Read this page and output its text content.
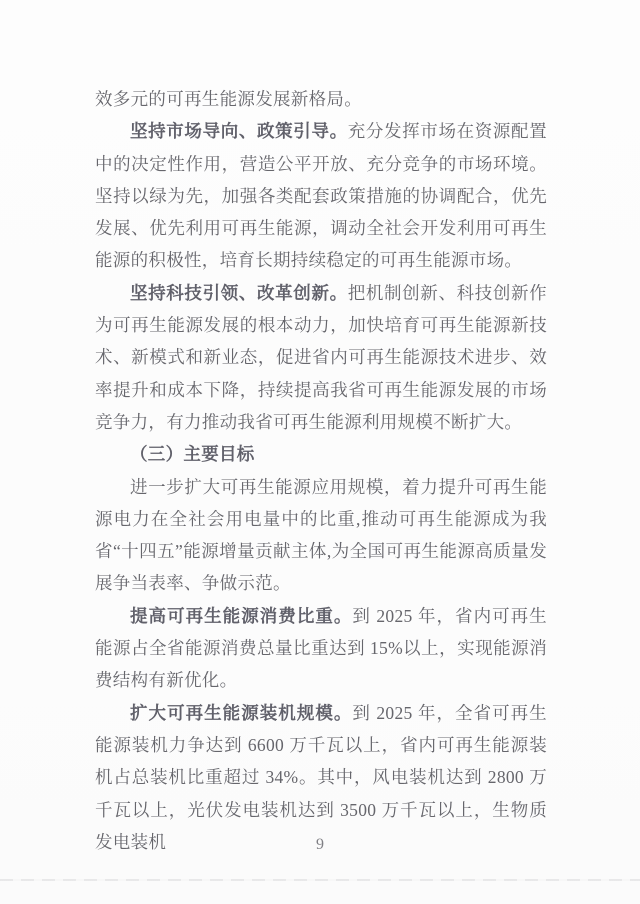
效多元的可再生能源发展新格局。

坚持市场导向、政策引导。充分发挥市场在资源配置中的决定性作用，营造公平开放、充分竞争的市场环境。坚持以绿为先，加强各类配套政策措施的协调配合，优先发展、优先利用可再生能源，调动全社会开发利用可再生能源的积极性，培育长期持续稳定的可再生能源市场。

坚持科技引领、改革创新。把机制创新、科技创新作为可再生能源发展的根本动力，加快培育可再生能源新技术、新模式和新业态，促进省内可再生能源技术进步、效率提升和成本下降，持续提高我省可再生能源发展的市场竞争力，有力推动我省可再生能源利用规模不断扩大。

（三）主要目标

进一步扩大可再生能源应用规模，着力提升可再生能源电力在全社会用电量中的比重,推动可再生能源成为我省“十四五”能源增量贡献主体,为全国可再生能源高质量发展争当表率、争做示范。

提高可再生能源消费比重。到 2025 年，省内可再生能源占全省能源消费总量比重达到 15%以上，实现能源消费结构有新优化。

扩大可再生能源装机规模。到 2025 年，全省可再生能源装机力争达到 6600 万千瓦以上，省内可再生能源装机占总装机比重超过 34%。其中，风电装机达到 2800 万千瓦以上，光伏发电装机达到 3500 万千瓦以上，生物质发电装机	9
